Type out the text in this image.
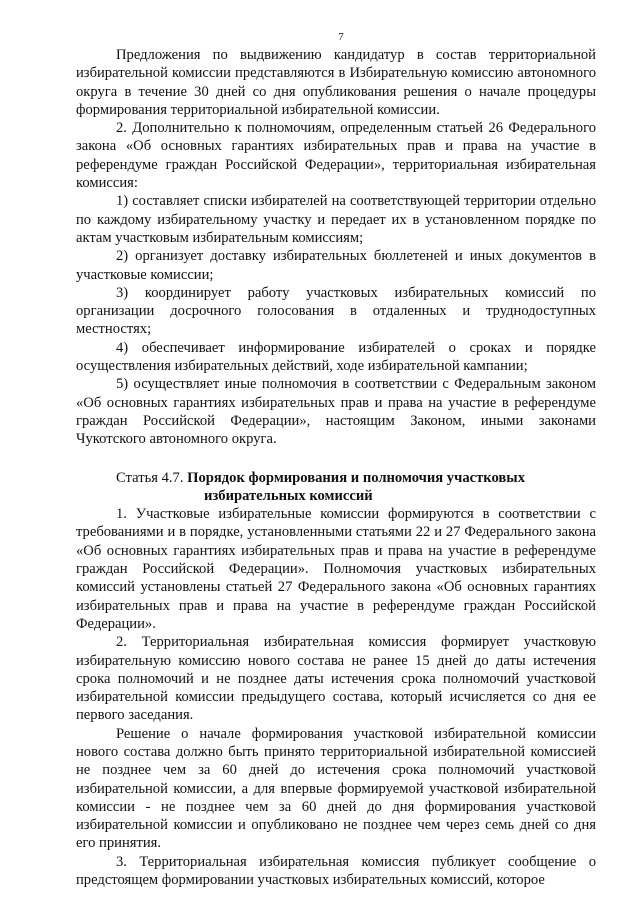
7

Предложения по выдвижению кандидатур в состав территориальной избирательной комиссии представляются в Избирательную комиссию автономного округа в течение 30 дней со дня опубликования решения о начале процедуры формирования территориальной избирательной комиссии.

2. Дополнительно к полномочиям, определенным статьей 26 Федерального закона «Об основных гарантиях избирательных прав и права на участие в референдуме граждан Российской Федерации», территориальная избирательная комиссия:

1) составляет списки избирателей на соответствующей территории отдельно по каждому избирательному участку и передает их в установленном порядке по актам участковым избирательным комиссиям;

2) организует доставку избирательных бюллетеней и иных документов в участковые комиссии;

3) координирует работу участковых избирательных комиссий по организации досрочного голосования в отдаленных и труднодоступных местностях;

4) обеспечивает информирование избирателей о сроках и порядке осуществления избирательных действий, ходе избирательной кампании;

5) осуществляет иные полномочия в соответствии с Федеральным законом «Об основных гарантиях избирательных прав и права на участие в референдуме граждан Российской Федерации», настоящим Законом, иными законами Чукотского автономного округа.

Статья 4.7. Порядок формирования и полномочия участковых
избирательных комиссий

1. Участковые избирательные комиссии формируются в соответствии с требованиями и в порядке, установленными статьями 22 и 27 Федерального закона «Об основных гарантиях избирательных прав и права на участие в референдуме граждан Российской Федерации». Полномочия участковых избирательных комиссий установлены статьей 27 Федерального закона «Об основных гарантиях избирательных прав и права на участие в референдуме граждан Российской Федерации».

2. Территориальная избирательная комиссия формирует участковую избирательную комиссию нового состава не ранее 15 дней до даты истечения срока полномочий и не позднее даты истечения срока полномочий участковой избирательной комиссии предыдущего состава, который исчисляется со дня ее первого заседания.

Решение о начале формирования участковой избирательной комиссии нового состава должно быть принято территориальной избирательной комиссией не позднее чем за 60 дней до истечения срока полномочий участковой избирательной комиссии, а для впервые формируемой участковой избирательной комиссии - не позднее чем за 60 дней до дня формирования участковой избирательной комиссии и опубликовано не позднее чем через семь дней со дня его принятия.

3. Территориальная избирательная комиссия публикует сообщение о предстоящем формировании участковых избирательных комиссий, которое
